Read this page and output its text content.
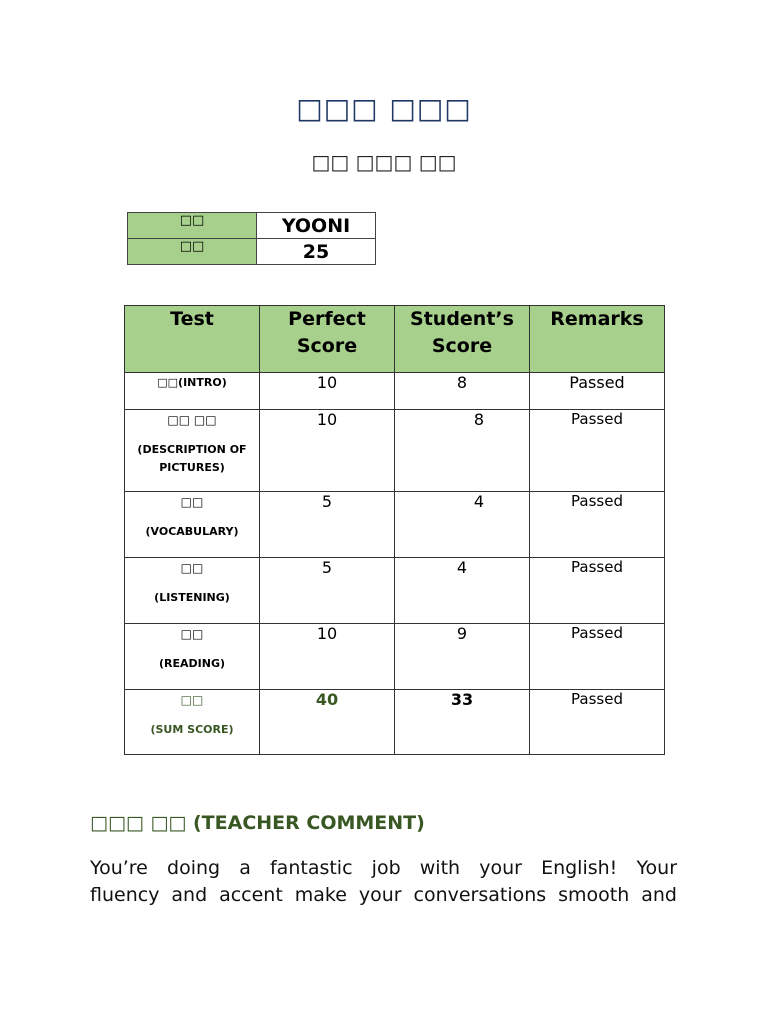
□□□ □□□
□□ □□□ □□
□□	YOONI
□□	25
Test	Perfect Score	Student’s Score	Remarks

□□(INTRO)	10	8	Passed

□□ □□
(DESCRIPTION OF PICTURES)	10	8	Passed

□□
(VOCABULARY)	5	4	Passed

□□
(LISTENING)	5	4	Passed

□□
(READING)	10	9	Passed

□□
(SUM SCORE)	40	33	Passed
□□□ □□ (TEACHER COMMENT)
You’re doing a fantastic job with your English! Your
fluency and accent make your conversations smooth and
